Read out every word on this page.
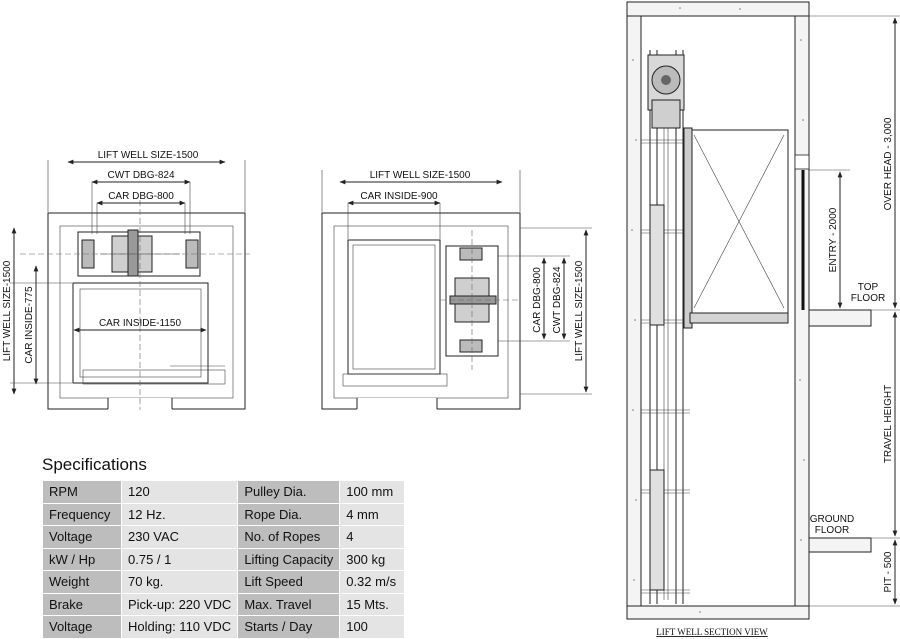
LIFT WELL SIZE-1500
CWT DBG-824
CAR DBG-800
LIFT WELL SIZE-1500 CAR INSIDE-775	CAR INSIDE-1150
LIFT WELL SIZE-1500
CAR INSIDE-900
CAR DBG-800 CWT DBG-824 LIFT WELL SIZE-1500
OVER HEAD - 3,000
ENTRY - 2000
TOP
FLOOR
TRAVEL HEIGHT
GROUND
FLOOR
PIT - 500
LIFT WELL SECTION VIEW
Specifications
RPM	120	Pulley Dia.	100 mm
Frequency	12 Hz.	Rope Dia.	4 mm
Voltage	230 VAC	No. of Ropes	4
kW / Hp	0.75 / 1	Lifting Capacity	300 kg
Weight	70 kg.	Lift Speed	0.32 m/s
Brake	Pick-up: 220 VDC	Max. Travel	15 Mts.
Voltage	Holding: 110 VDC	Starts / Day	100
